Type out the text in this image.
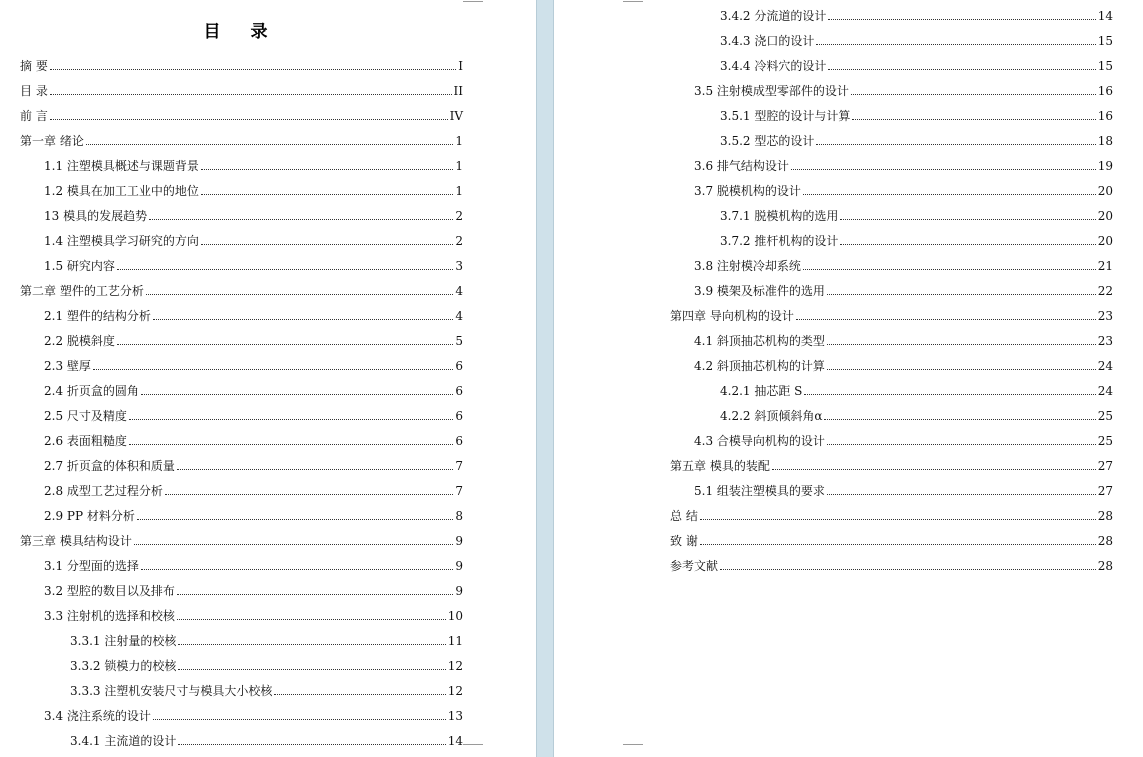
目 录
摘 要	I
目 录	II
前 言	IV
第一章 绪论	1
1.1 注塑模具概述与课题背景	1
1.2 模具在加工工业中的地位	1
13 模具的发展趋势	2
1.4 注塑模具学习研究的方向	2
1.5 研究内容	3
第二章 塑件的工艺分析	4
2.1 塑件的结构分析	4
2.2 脱模斜度	5
2.3 壁厚	6
2.4 折页盒的圆角	6
2.5 尺寸及精度	6
2.6 表面粗糙度	6
2.7 折页盒的体积和质量	7
2.8 成型工艺过程分析	7
2.9 PP 材料分析	8
第三章 模具结构设计	9
3.1 分型面的选择	9
3.2 型腔的数目以及排布	9
3.3 注射机的选择和校核	10
3.3.1 注射量的校核	11
3.3.2 锁模力的校核	12
3.3.3 注塑机安装尺寸与模具大小校核	12
3.4 浇注系统的设计	13
3.4.1 主流道的设计	14
3.4.2 分流道的设计	14
3.4.3 浇口的设计	15
3.4.4 冷料穴的设计	15
3.5 注射模成型零部件的设计	16
3.5.1 型腔的设计与计算	16
3.5.2 型芯的设计	18
3.6 排气结构设计	19
3.7 脱模机构的设计	20
3.7.1 脱模机构的选用	20
3.7.2 推杆机构的设计	20
3.8 注射模冷却系统	21
3.9 模架及标准件的选用	22
第四章 导向机构的设计	23
4.1 斜顶抽芯机构的类型	23
4.2 斜顶抽芯机构的计算	24
4.2.1 抽芯距 S	24
4.2.2 斜顶倾斜角α	25
4.3 合模导向机构的设计	25
第五章 模具的装配	27
5.1 组装注塑模具的要求	27
总 结	28
致 谢	28
参考文献	28
